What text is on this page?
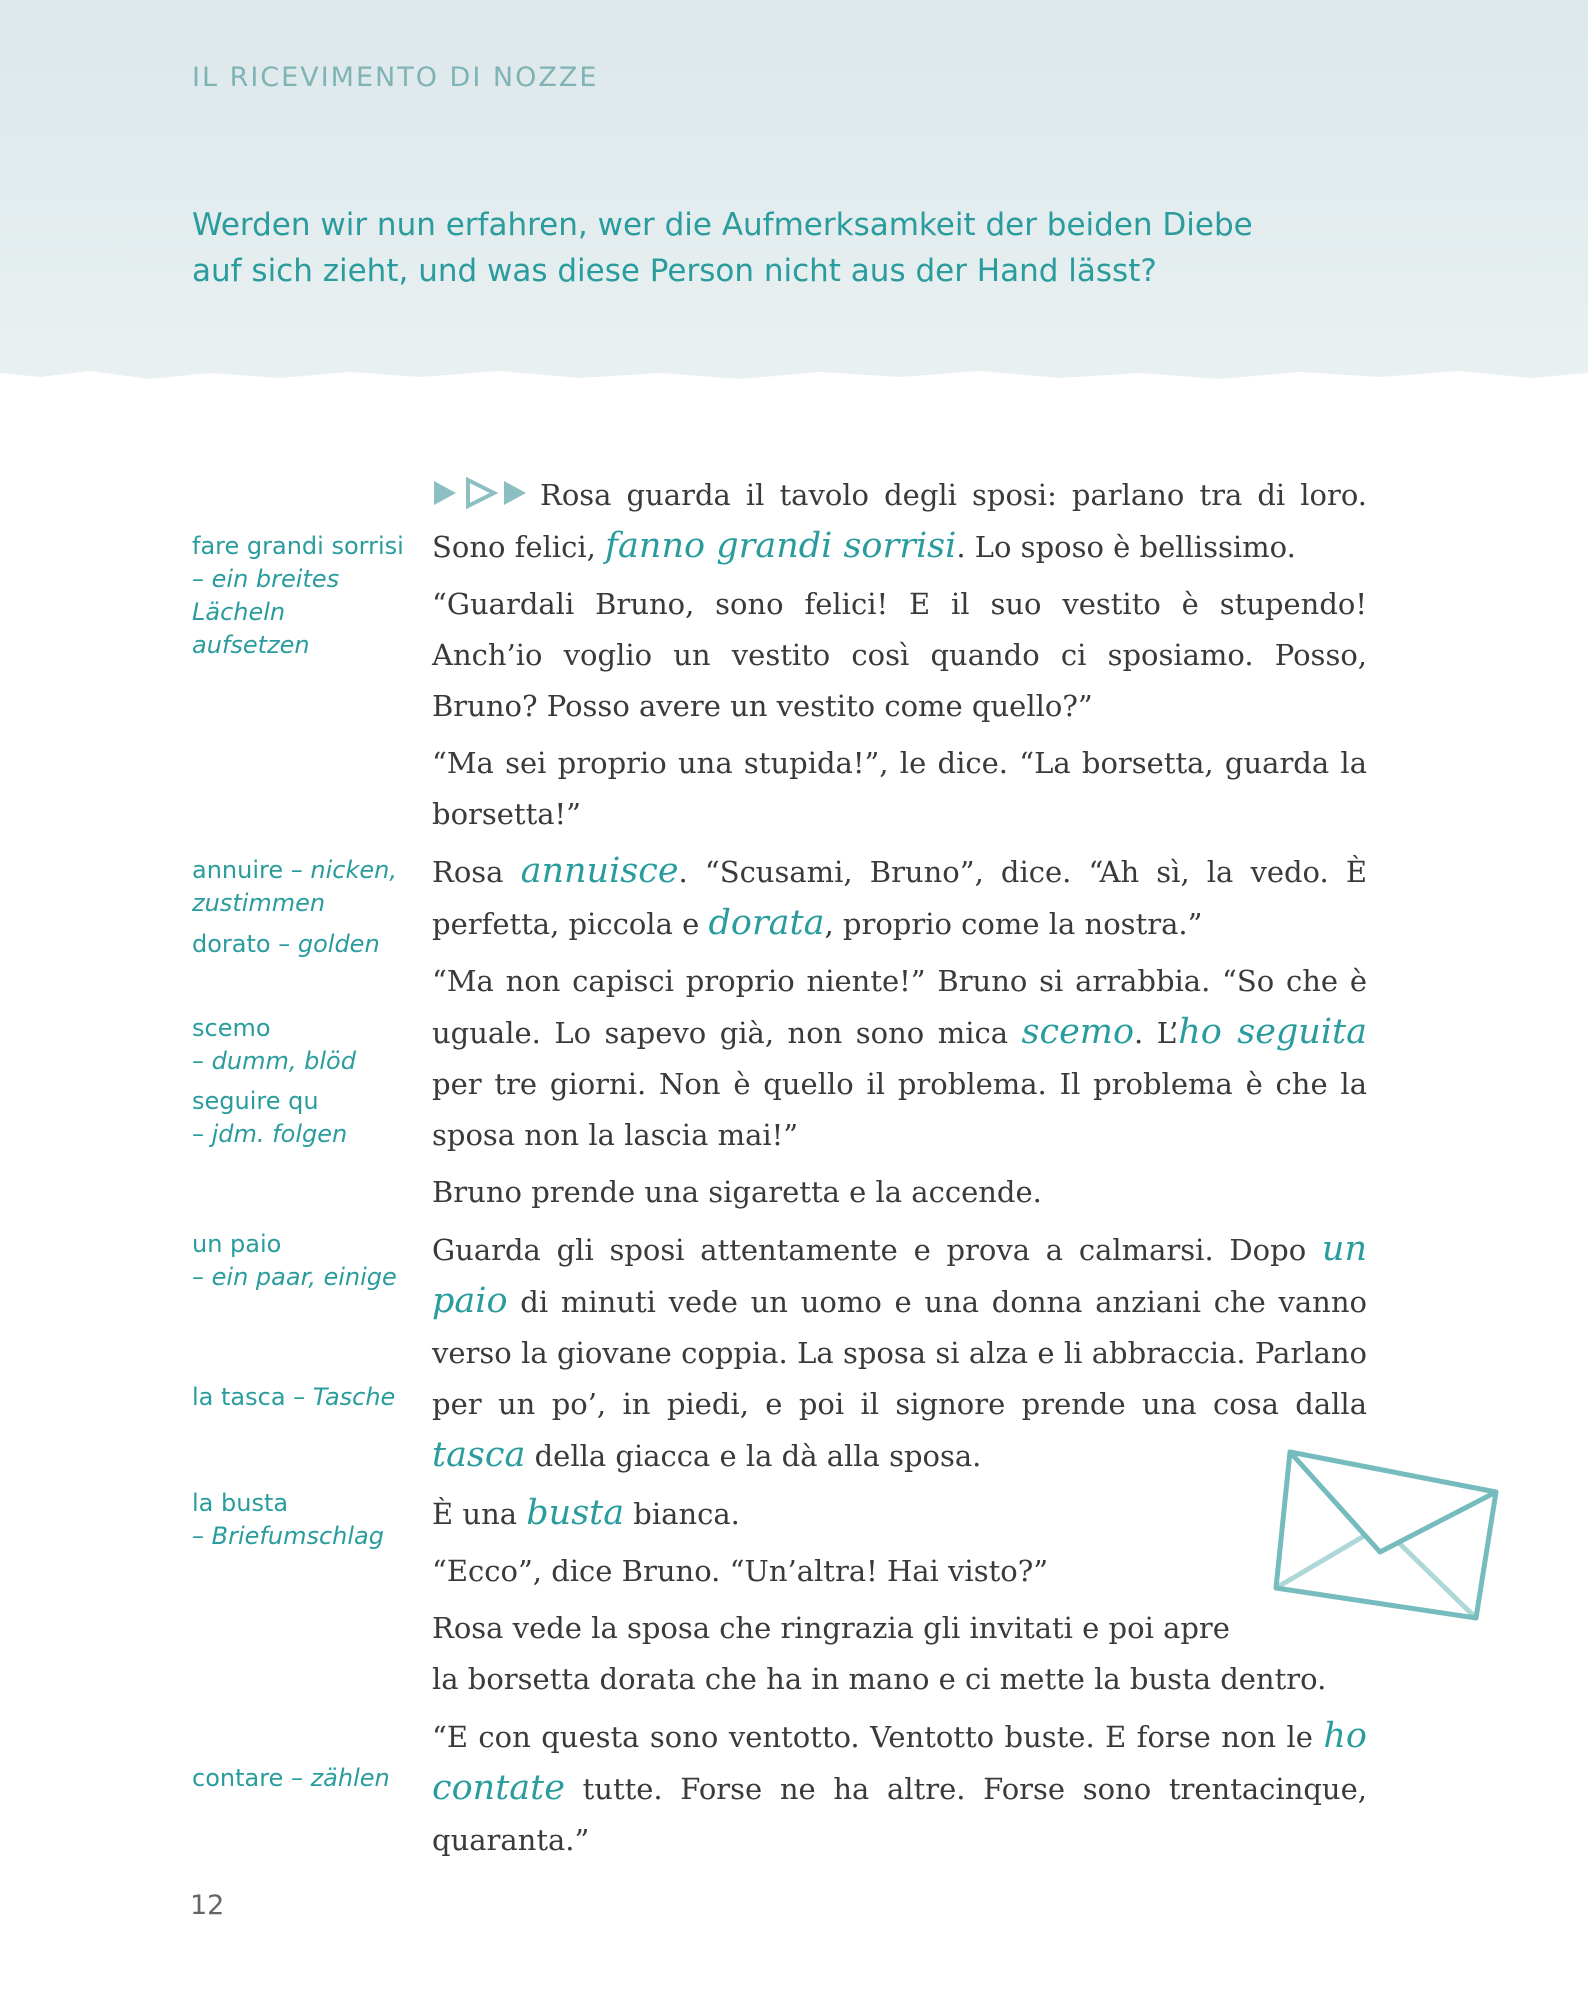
IL RICEVIMENTO DI NOZZE
Werden wir nun erfahren, wer die Aufmerksamkeit der beiden Diebe
auf sich zieht, und was diese Person nicht aus der Hand lässt?
fare grandi sorrisi
– ein breites Lächeln aufsetzen
annuire – nicken, zustimmen
dorato – golden
scemo
– dumm, blöd
seguire qu
– jdm. folgen
un paio
– ein paar, einige
la tasca – Tasche
la busta
– Briefumschlag
contare – zählen

Rosa guarda il tavolo degli sposi: parlano tra di loro. Sono felici, fanno grandi sorrisi. Lo sposo è bellissimo.

“Guardali Bruno, sono felici! E il suo vestito è stupendo! Anch’io voglio un vestito così quando ci sposiamo. Posso, Bruno? Posso avere un vestito come quello?”

“Ma sei proprio una stupida!”, le dice. “La borsetta, guarda la borsetta!”

Rosa annuisce. “Scusami, Bruno”, dice. “Ah sì, la vedo. È perfetta, piccola e dorata, proprio come la nostra.”

“Ma non capisci proprio niente!” Bruno si arrabbia. “So che è uguale. Lo sapevo già, non sono mica scemo. L’ho seguita per tre giorni. Non è quello il problema. Il problema è che la sposa non la lascia mai!”

Bruno prende una sigaretta e la accende.

Guarda gli sposi attentamente e prova a calmarsi. Dopo un paio di minuti vede un uomo e una donna anziani che vanno verso la giovane coppia. La sposa si alza e li abbraccia. Parlano per un po’, in piedi, e poi il signore prende una cosa dalla tasca della giacca e la dà alla sposa.

È una busta bianca.

“Ecco”, dice Bruno. “Un’altra! Hai visto?”

Rosa vede la sposa che ringrazia gli invitati e poi apre
la borsetta dorata che ha in mano e ci mette la busta dentro.

“E con questa sono ventotto. Ventotto buste. E forse non le ho contate tutte. Forse ne ha altre. Forse sono trentacinque, quaranta.”

12
